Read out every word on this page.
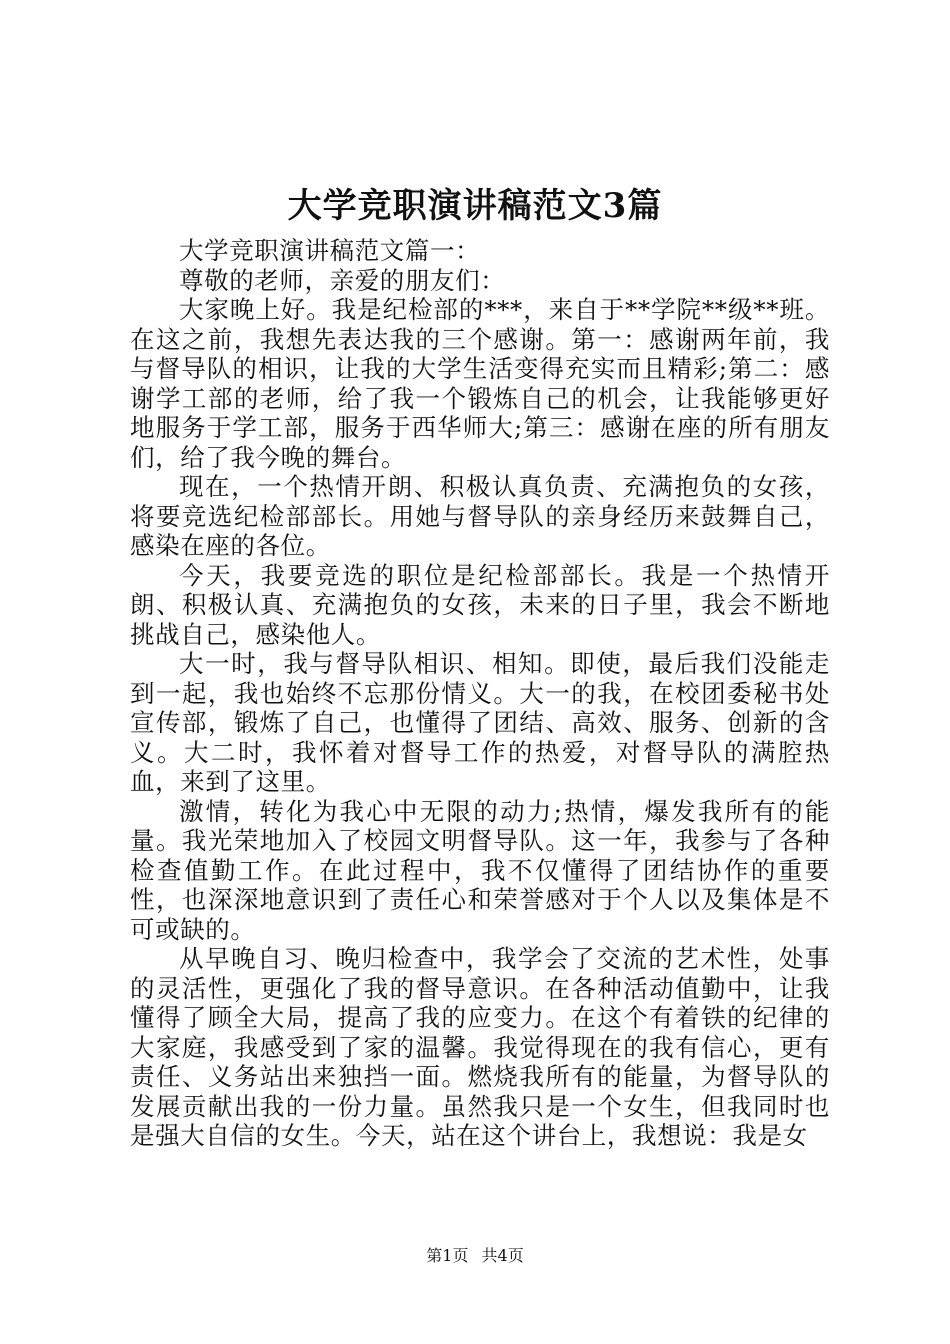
大学竞职演讲稿范文3篇

大学竞职演讲稿范文篇一：

尊敬的老师，亲爱的朋友们：

大家晚上好。我是纪检部的***，来自于**学院**级**班。在这之前，我想先表达我的三个感谢。第一：感谢两年前，我与督导队的相识，让我的大学生活变得充实而且精彩;第二：感谢学工部的老师，给了我一个锻炼自己的机会，让我能够更好地服务于学工部，服务于西华师大;第三：感谢在座的所有朋友们，给了我今晚的舞台。

现在，一个热情开朗、积极认真负责、充满抱负的女孩，将要竞选纪检部部长。用她与督导队的亲身经历来鼓舞自己，感染在座的各位。

今天，我要竞选的职位是纪检部部长。我是一个热情开朗、积极认真、充满抱负的女孩，未来的日子里，我会不断地挑战自己，感染他人。

大一时，我与督导队相识、相知。即使，最后我们没能走到一起，我也始终不忘那份情义。大一的我，在校团委秘书处宣传部，锻炼了自己，也懂得了团结、高效、服务、创新的含义。大二时，我怀着对督导工作的热爱，对督导队的满腔热血，来到了这里。

激情，转化为我心中无限的动力;热情，爆发我所有的能量。我光荣地加入了校园文明督导队。这一年，我参与了各种检查值勤工作。在此过程中，我不仅懂得了团结协作的重要性，也深深地意识到了责任心和荣誉感对于个人以及集体是不可或缺的。

从早晚自习、晚归检查中，我学会了交流的艺术性，处事的灵活性，更强化了我的督导意识。在各种活动值勤中，让我懂得了顾全大局，提高了我的应变力。在这个有着铁的纪律的大家庭，我感受到了家的温馨。我觉得现在的我有信心，更有责任、义务站出来独挡一面。燃烧我所有的能量，为督导队的发展贡献出我的一份力量。虽然我只是一个女生，但我同时也是强大自信的女生。今天，站在这个讲台上，我想说：我是女

第1页 共4页
